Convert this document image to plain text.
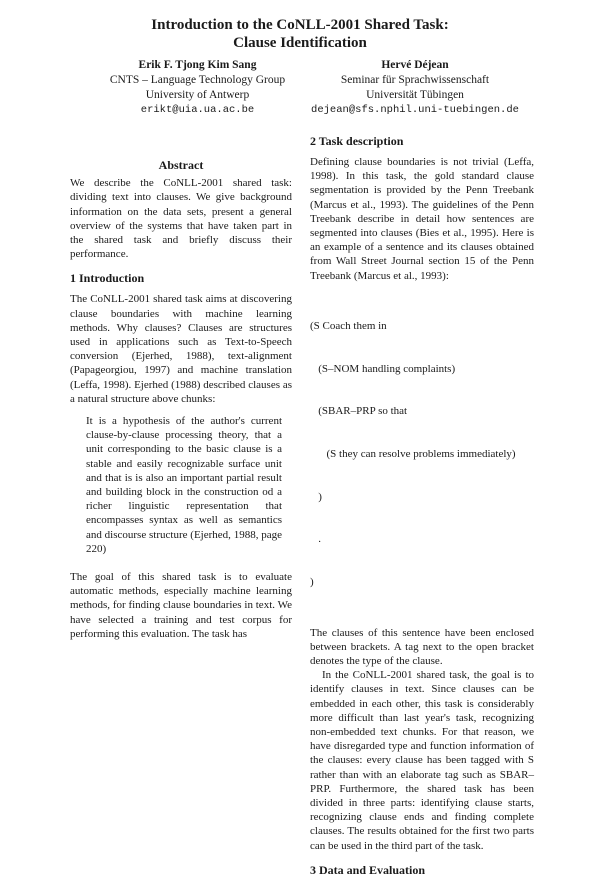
Introduction to the CoNLL-2001 Shared Task:
Clause Identification
Erik F. Tjong Kim Sang
CNTS – Language Technology Group
University of Antwerp
erikt@uia.ua.ac.be
Hervé Déjean
Seminar für Sprachwissenschaft
Universität Tübingen
dejean@sfs.nphil.uni-tuebingen.de
Abstract

We describe the CoNLL-2001 shared task: dividing text into clauses. We give background information on the data sets, present a general overview of the systems that have taken part in the shared task and briefly discuss their performance.

1 Introduction

The CoNLL-2001 shared task aims at discovering clause boundaries with machine learning methods. Why clauses? Clauses are structures used in applications such as Text-to-Speech conversion (Ejerhed, 1988), text-alignment (Papageorgiou, 1997) and machine translation (Leffa, 1998). Ejerhed (1988) described clauses as a natural structure above chunks:

It is a hypothesis of the author's current clause-by-clause processing theory, that a unit corresponding to the basic clause is a stable and easily recognizable surface unit and that is is also an important partial result and building block in the construction od a richer linguistic representation that encompasses syntax as well as semantics and discourse structure (Ejerhed, 1988, page 220)

The goal of this shared task is to evaluate automatic methods, especially machine learning methods, for finding clause boundaries in text. We have selected a training and test corpus for performing this evaluation. The task has

2 Task description

Defining clause boundaries is not trivial (Leffa, 1998). In this task, the gold standard clause segmentation is provided by the Penn Treebank (Marcus et al., 1993). The guidelines of the Penn Treebank describe in detail how sentences are segmented into clauses (Bies et al., 1995). Here is an example of a sentence and its clauses obtained from Wall Street Journal section 15 of the Penn Treebank (Marcus et al., 1993):

(S Coach them in

(S–NOM handling complaints)

(SBAR–PRP so that

(S they can resolve problems immediately)

)

.

)

The clauses of this sentence have been enclosed between brackets. A tag next to the open bracket denotes the type of the clause.

In the CoNLL-2001 shared task, the goal is to identify clauses in text. Since clauses can be embedded in each other, this task is considerably more difficult than last year's task, recognizing non-embedded text chunks. For that reason, we have disregarded type and function information of the clauses: every clause has been tagged with S rather than with an elaborate tag such as SBAR–PRP. Furthermore, the shared task has been divided in three parts: identifying clause starts, recognizing clause ends and finding complete clauses. The results obtained for the first two parts can be used in the third part of the task.

3 Data and Evaluation
